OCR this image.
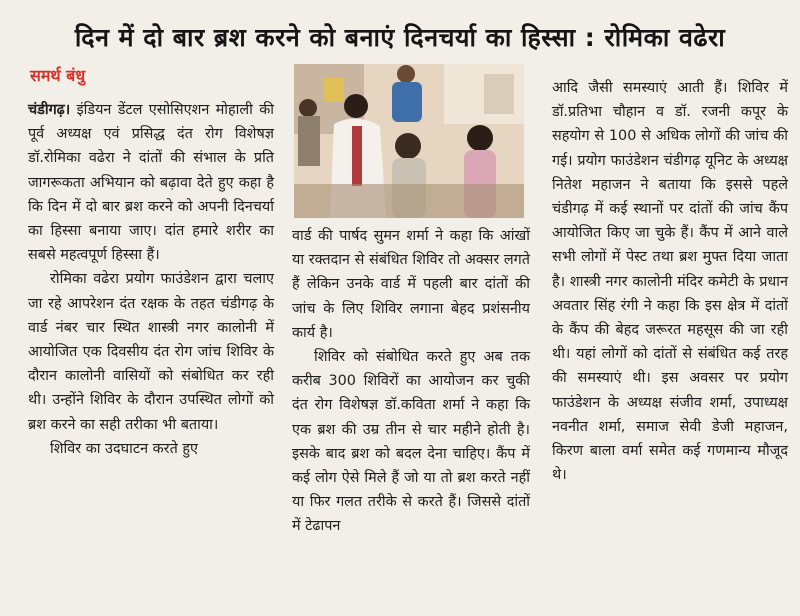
दिन में दो बार ब्रश करने को बनाएं दिनचर्या का हिस्सा : रोमिका वढेरा
समर्थ बंधु

चंडीगढ़। इंडियन डेंटल एसोसिएशन मोहाली की पूर्व अध्यक्ष एवं प्रसिद्ध दंत रोग विशेषज्ञ डॉ.रोमिका वढेरा ने दांतों की संभाल के प्रति जागरूकता अभियान को बढ़ावा देते हुए कहा है कि दिन में दो बार ब्रश करने को अपनी दिनचर्या का हिस्सा बनाया जाए। दांत हमारे शरीर का सबसे महत्वपूर्ण हिस्सा हैं।

रोमिका वढेरा प्रयोग फाउंडेशन द्वारा चलाए जा रहे आपरेशन दंत रक्षक के तहत चंडीगढ़ के वार्ड नंबर चार स्थित शास्त्री नगर कालोनी में आयोजित एक दिवसीय दंत रोग जांच शिविर के दौरान कालोनी वासियों को संबोधित कर रही थी। उन्होंने शिविर के दौरान उपस्थित लोगों को ब्रश करने का सही तरीका भी बताया।

शिविर का उदघाटन करते हुए

वार्ड की पार्षद सुमन शर्मा ने कहा कि आंखों या रक्तदान से संबंधित शिविर तो अक्सर लगते हैं लेकिन उनके वार्ड में पहली बार दांतों की जांच के लिए शिविर लगाना बेहद प्रशंसनीय कार्य है।

शिविर को संबोधित करते हुए अब तक करीब 300 शिविरों का आयोजन कर चुकी दंत रोग विशेषज्ञ डॉ.कविता शर्मा ने कहा कि एक ब्रश की उम्र तीन से चार महीने होती है। इसके बाद ब्रश को बदल देना चाहिए। कैंप में कई लोग ऐसे मिले हैं जो या तो ब्रश करते नहीं या फिर गलत तरीके से करते हैं। जिससे दांतों में टेढापन

आदि जैसी समस्याएं आती हैं। शिविर में डॉ.प्रतिभा चौहान व डॉ. रजनी कपूर के सहयोग से 100 से अधिक लोगों की जांच की गई। प्रयोग फाउंडेशन चंडीगढ़ यूनिट के अध्यक्ष नितेश महाजन ने बताया कि इससे पहले चंडीगढ़ में कई स्थानों पर दांतों की जांच कैंप आयोजित किए जा चुके हैं। कैंप में आने वाले सभी लोगों में पेस्ट तथा ब्रश मुफ्त दिया जाता है। शास्त्री नगर कालोनी मंदिर कमेटी के प्रधान अवतार सिंह रंगी ने कहा कि इस क्षेत्र में दांतों के कैंप की बेहद जरूरत महसूस की जा रही थी। यहां लोगों को दांतों से संबंधित कई तरह की समस्याएं थी। इस अवसर पर प्रयोग फाउंडेशन के अध्यक्ष संजीव शर्मा, उपाध्यक्ष नवनीत शर्मा, समाज सेवी डेजी महाजन, किरण बाला वर्मा समेत कई गणमान्य मौजूद थे।
